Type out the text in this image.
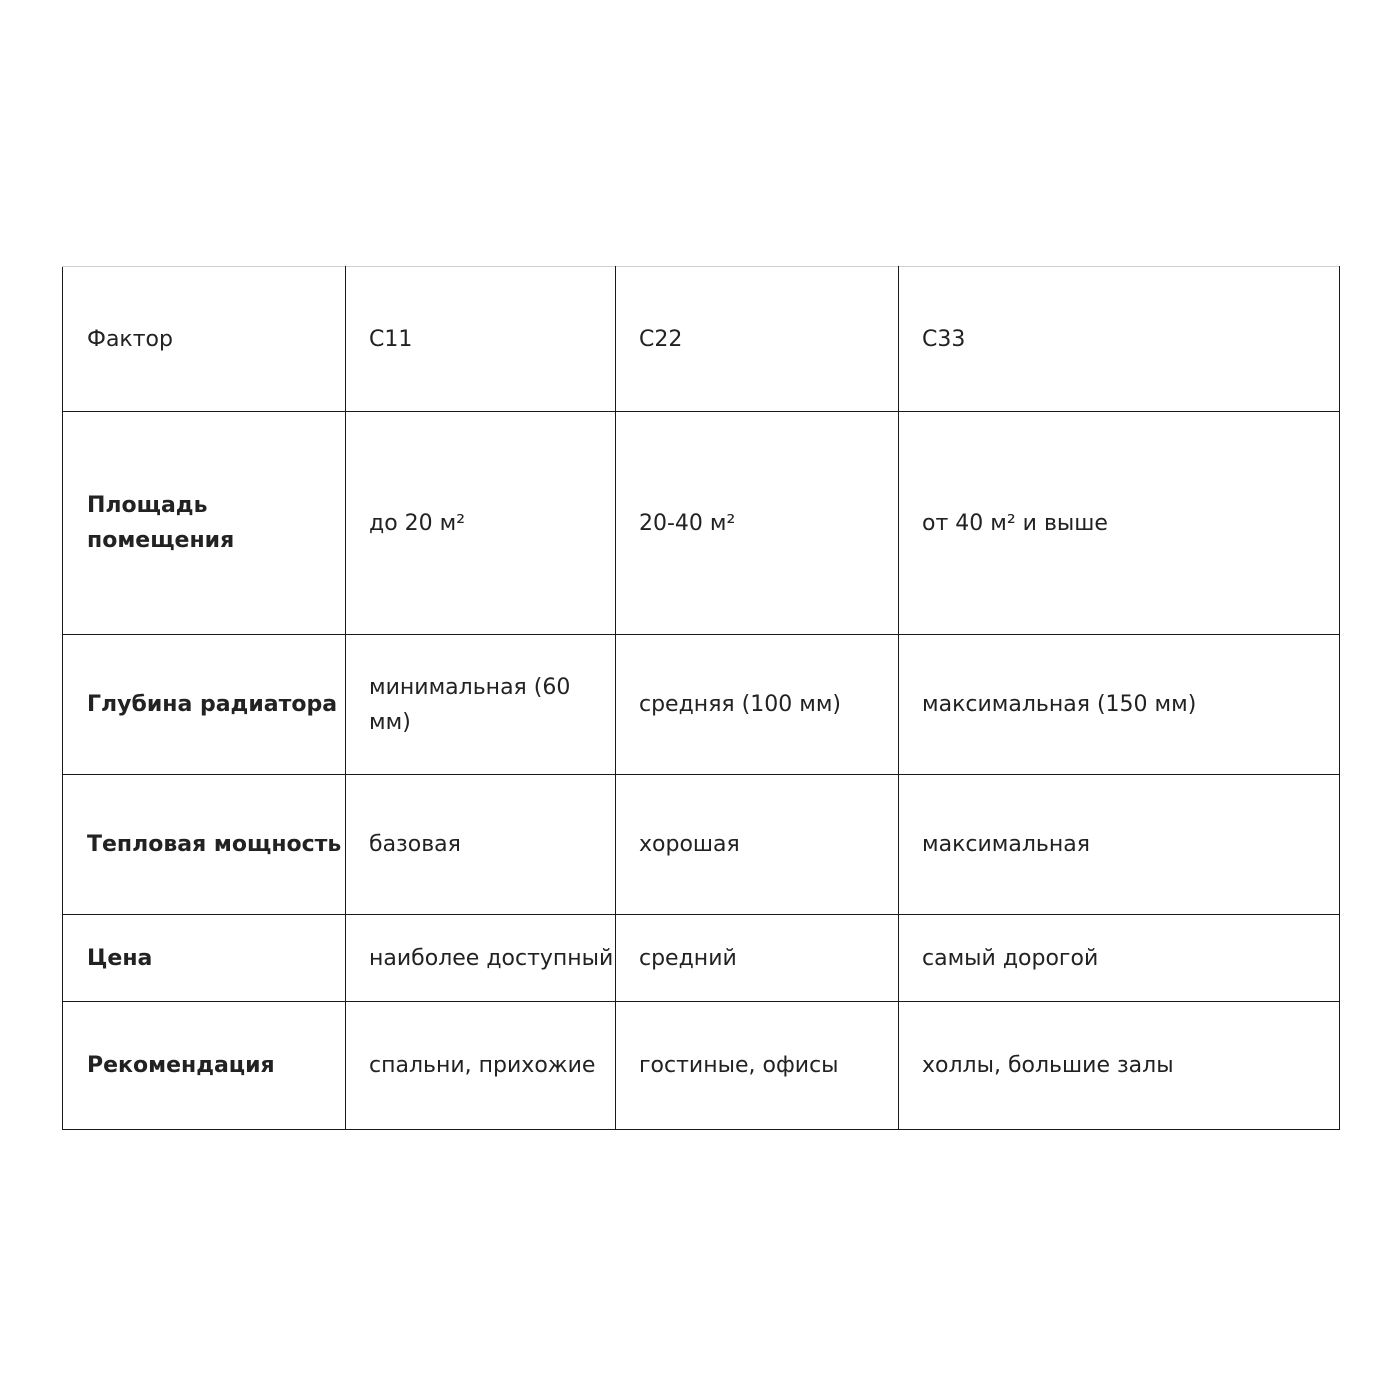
Фактор	С11	С22	С33

Площадь помещения	до 20 м²	20-40 м²	от 40 м² и выше

Глубина радиатора	минимальная (60 мм)	средняя (100 мм)	максимальная (150 мм)

Тепловая мощность	базовая	хорошая	максимальная

Цена	наиболее доступный	средний	самый дорогой

Рекомендация	спальни, прихожие	гостиные, офисы	холлы, большие залы
